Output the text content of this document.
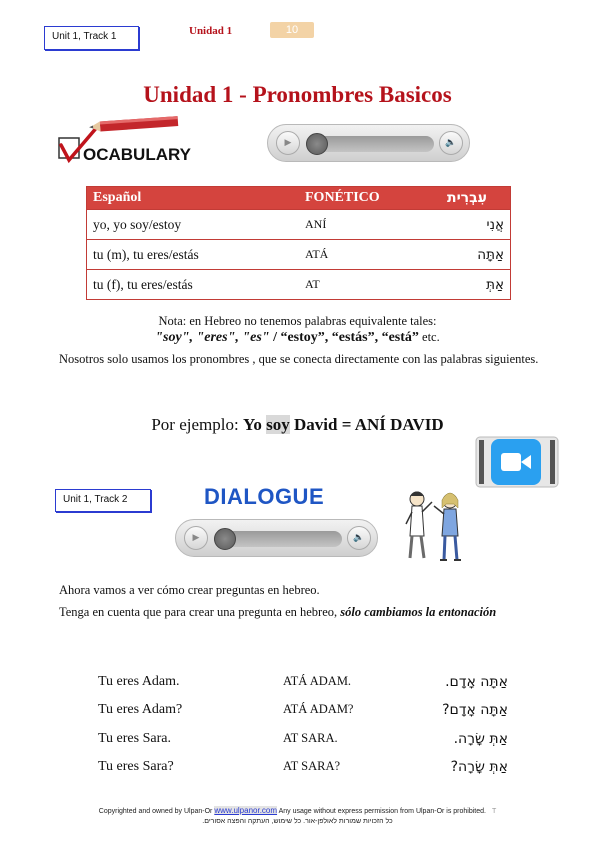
Unit 1, Track 1	Unidad 1	10
Unidad 1 - Pronombres Basicos
OCABULARY
▶	🔈
Español	FONÉTICO	עִבְרִית
yo, yo soy/estoy	ANÍ	אֲנִי
tu (m), tu eres/estás	ATÁ	אַתָּה
tu (f), tu eres/estás	AT	אַתְּ
Nota: en Hebreo no tenemos palabras equivalente tales:
"soy", "eres", "es" / “estoy”, “estás”, “está” etc.
Nosotros solo usamos los pronombres , que se conecta directamente con las palabras siguientes.
Por ejemplo: Yo soy David = ANÍ DAVID
Unit 1, Track 2	DIALOGUE
▶	🔈
Ahora vamos a ver cómo crear preguntas en hebreo.
Tenga en cuenta que para crear una pregunta en hebreo, sólo cambiamos la entonación
Tu eres Adam.	ATÁ ADAM.	אַתָּה אָדָם.
Tu eres Adam?	ATÁ ADAM?	אַתָּה אָדָם?
Tu eres Sara.	AT SARA.	אַתְּ שָׂרָה.
Tu eres Sara?	AT SARA?	אַתְּ שָׂרָה?
Copyrighted and owned by Ulpan-Or www.ulpanor.com Any usage without express permission from Ulpan-Or is prohibited. T
כל הזכויות שמורות לאולפן-אור. כל שימוש, העתקה והפצה אסורים.
